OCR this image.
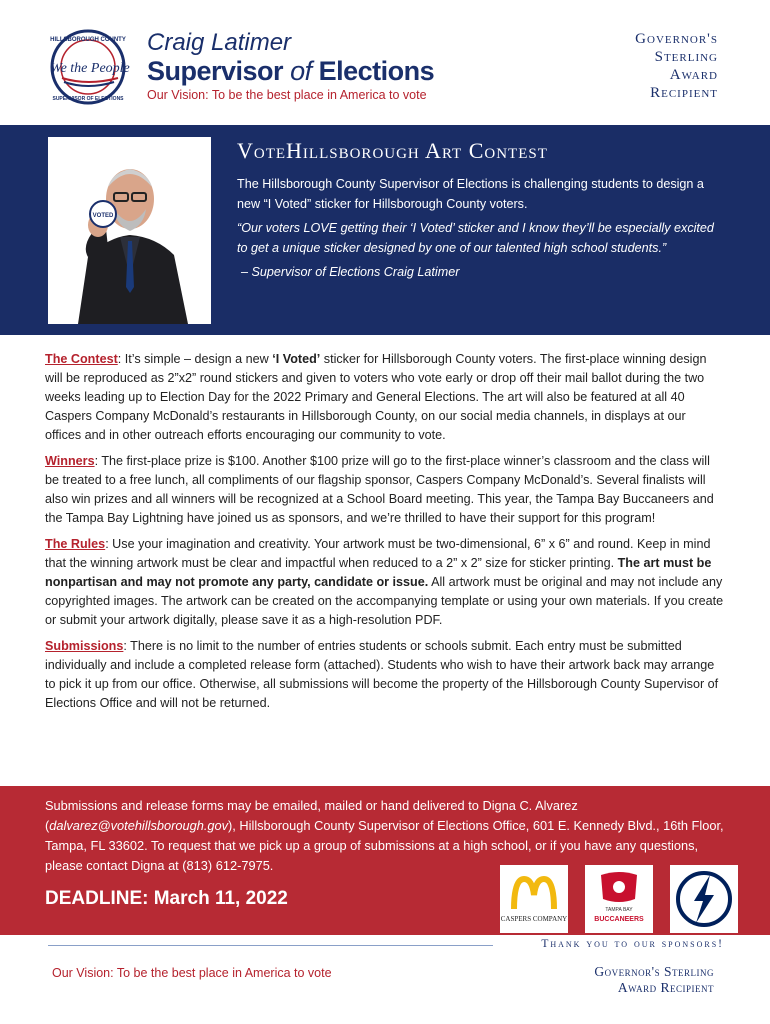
HILLSBOROUGH COUNTY
We the People
SUPERVISOR OF ELECTIONS
Craig Latimer
Supervisor of Elections
Our Vision: To be the best place in America to vote
Governor's
Sterling
Award
Recipient
VOTED
VoteHillsborough Art Contest
The Hillsborough County Supervisor of Elections is challenging students to design a new “I Voted” sticker for Hillsborough County voters.
“Our voters LOVE getting their ‘I Voted’ sticker and I know they’ll be especially excited to get a unique sticker designed by one of our talented high school students.”
– Supervisor of Elections Craig Latimer

The Contest: It’s simple – design a new ‘I Voted’ sticker for Hillsborough County voters. The first-place winning design will be reproduced as 2”x2” round stickers and given to voters who vote early or drop off their mail ballot during the two weeks leading up to Election Day for the 2022 Primary and General Elections. The art will also be featured at all 40 Caspers Company McDonald’s restaurants in Hillsborough County, on our social media channels, in displays at our offices and in other outreach efforts encouraging our community to vote.

Winners: The first-place prize is $100. Another $100 prize will go to the first-place winner’s classroom and the class will be treated to a free lunch, all compliments of our flagship sponsor, Caspers Company McDonald’s. Several finalists will also win prizes and all winners will be recognized at a School Board meeting. This year, the Tampa Bay Buccaneers and the Tampa Bay Lightning have joined us as sponsors, and we’re thrilled to have their support for this program!

The Rules: Use your imagination and creativity. Your artwork must be two-dimensional, 6” x 6” and round. Keep in mind that the winning artwork must be clear and impactful when reduced to a 2” x 2” size for sticker printing. The art must be nonpartisan and may not promote any party, candidate or issue. All artwork must be original and may not include any copyrighted images. The artwork can be created on the accompanying template or using your own materials. If you create or submit your artwork digitally, please save it as a high-resolution PDF.

Submissions: There is no limit to the number of entries students or schools submit. Each entry must be submitted individually and include a completed release form (attached). Students who wish to have their artwork back may arrange to pick it up from our office. Otherwise, all submissions will become the property of the Hillsborough County Supervisor of Elections Office and will not be returned.

Submissions and release forms may be emailed, mailed or hand delivered to Digna C. Alvarez (dalvarez@votehillsborough.gov), Hillsborough County Supervisor of Elections Office, 601 E. Kennedy Blvd., 16th Floor, Tampa, FL 33602. To request that we pick up a group of submissions at a high school, or if you have any questions, please contact Digna at (813) 612-7975.
DEADLINE: March 11, 2022
CASPERS COMPANY
TAMPA BAY
BUCCANEERS
Thank you to our sponsors!
Our Vision: To be the best place in America to vote	Governor's Sterling
Award Recipient
